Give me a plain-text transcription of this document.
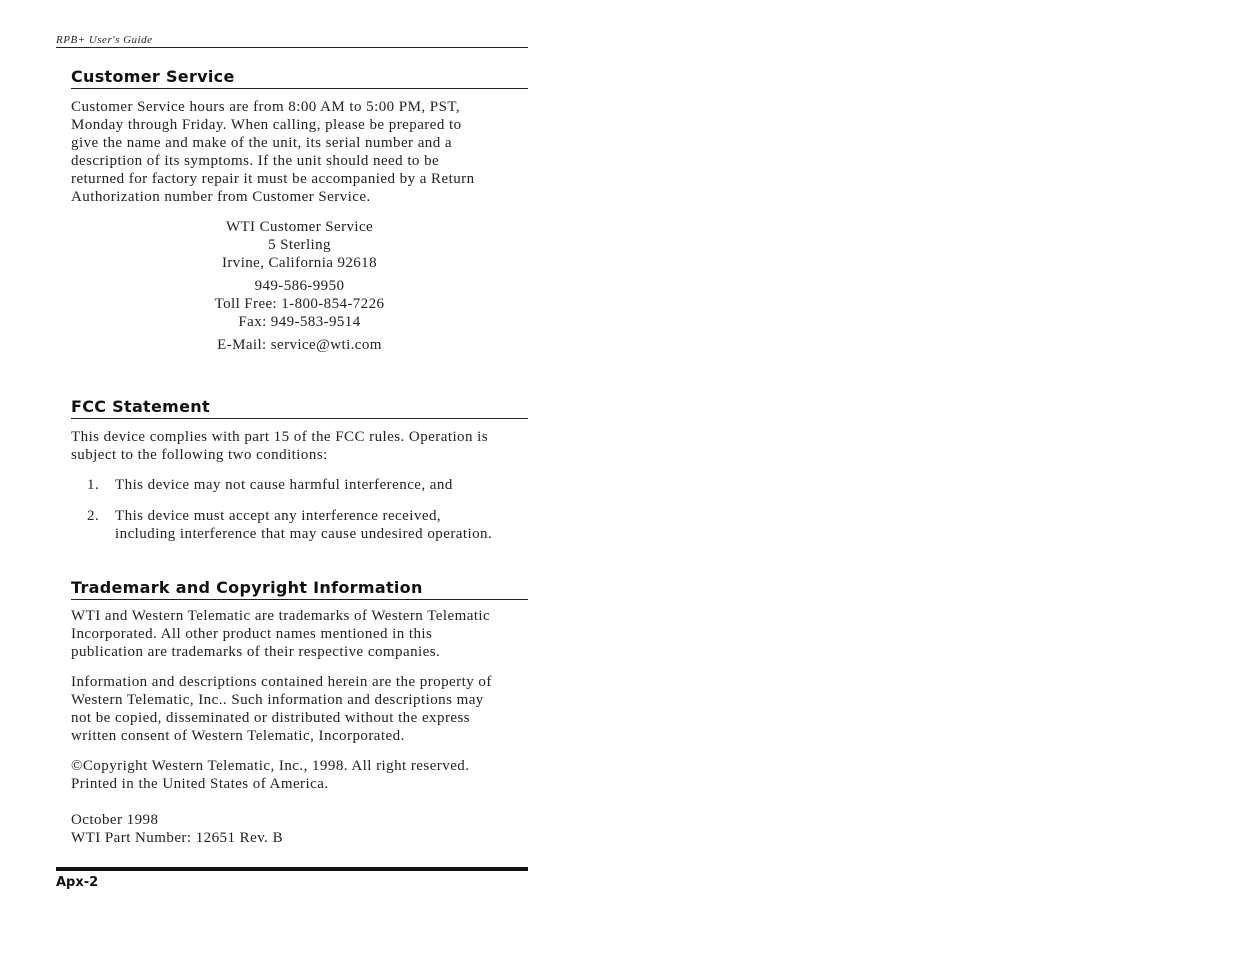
RPB+ User's Guide
Customer Service

Customer Service hours are from 8:00 AM to 5:00 PM, PST,
Monday through Friday. When calling, please be prepared to
give the name and make of the unit, its serial number and a
description of its symptoms. If the unit should need to be
returned for factory repair it must be accompanied by a Return
Authorization number from Customer Service.

WTI Customer Service
5 Sterling
Irvine, California 92618
949-586-9950
Toll Free: 1-800-854-7226
Fax: 949-583-9514
E-Mail: service@wti.com
FCC Statement

This device complies with part 15 of the FCC rules. Operation is
subject to the following two conditions:

1.	This device may not cause harmful interference, and
2.	This device must accept any interference received,
including interference that may cause undesired operation.
Trademark and Copyright Information

WTI and Western Telematic are trademarks of Western Telematic
Incorporated. All other product names mentioned in this
publication are trademarks of their respective companies.

Information and descriptions contained herein are the property of
Western Telematic, Inc.. Such information and descriptions may
not be copied, disseminated or distributed without the express
written consent of Western Telematic, Incorporated.

©Copyright Western Telematic, Inc., 1998. All right reserved.
Printed in the United States of America.

October 1998
WTI Part Number: 12651 Rev. B

Apx-2
